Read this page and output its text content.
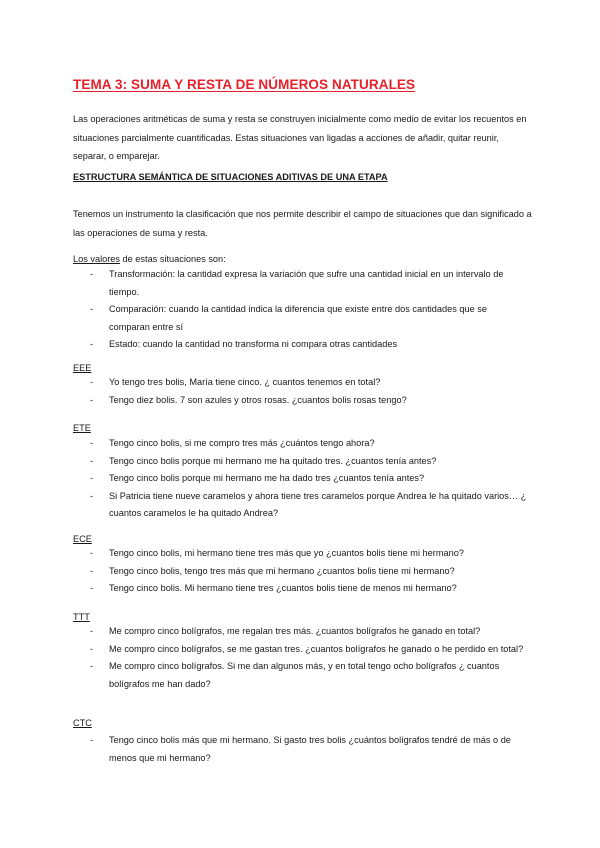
TEMA 3: SUMA Y RESTA DE NÚMEROS NATURALES

Las operaciones aritméticas de suma y resta se construyen inicialmente como medio de evitar los recuentos en situaciones parcialmente cuantificadas. Estas situaciones van ligadas a acciones de añadir, quitar reunir, separar, o emparejar.

ESTRUCTURA SEMÁNTICA DE SITUACIONES ADITIVAS DE UNA ETAPA

Tenemos un instrumento la clasificación que nos permite describir el campo de situaciones que dan significado a las operaciones de suma y resta.

Los valores de estas situaciones son:

- Transformación: la cantidad expresa la variación que sufre una cantidad inicial en un intervalo de tiempo.
- Comparación: cuando la cantidad indica la diferencia que existe entre dos cantidades que se comparan entre sí
- Estado: cuando la cantidad no transforma ni compara otras cantidades

EEE

- Yo tengo tres bolis, María tiene cinco. ¿ cuantos tenemos en total?
- Tengo diez bolis. 7 son azules y otros rosas. ¿cuantos bolis rosas tengo?

ETE

- Tengo cinco bolis, si me compro tres más ¿cuántos tengo ahora?
- Tengo cinco bolis porque mi hermano me ha quitado tres. ¿cuantos tenía antes?
- Tengo cinco bolis porque mi hermano me ha dado tres ¿cuantos tenía antes?
- Si Patricia tiene nueve caramelos y ahora tiene tres caramelos porque Andrea le ha quitado varios… ¿ cuantos caramelos le ha quitado Andrea?

ECE

- Tengo cinco bolis, mi hermano tiene tres más que yo ¿cuantos bolis tiene mi hermano?
- Tengo cinco bolis, tengo tres más que mi hermano ¿cuantos bolis tiene mi hermano?
- Tengo cinco bolis. Mi hermano tiene tres ¿cuantos bolis tiene de menos mi hermano?

TTT

- Me compro cinco bolígrafos, me regalan tres más. ¿cuantos bolígrafos he ganado en total?
- Me compro cinco bolígrafos, se me gastan tres. ¿cuantos bolígrafos he ganado o he perdido en total?
- Me compro cinco bolígrafos. Si me dan algunos más, y en total tengo ocho bolígrafos ¿ cuantos bolígrafos me han dado?

CTC

- Tengo cinco bolis más que mi hermano. Si gasto tres bolis ¿cuántos bolígrafos tendré de más o de menos que mi hermano?
